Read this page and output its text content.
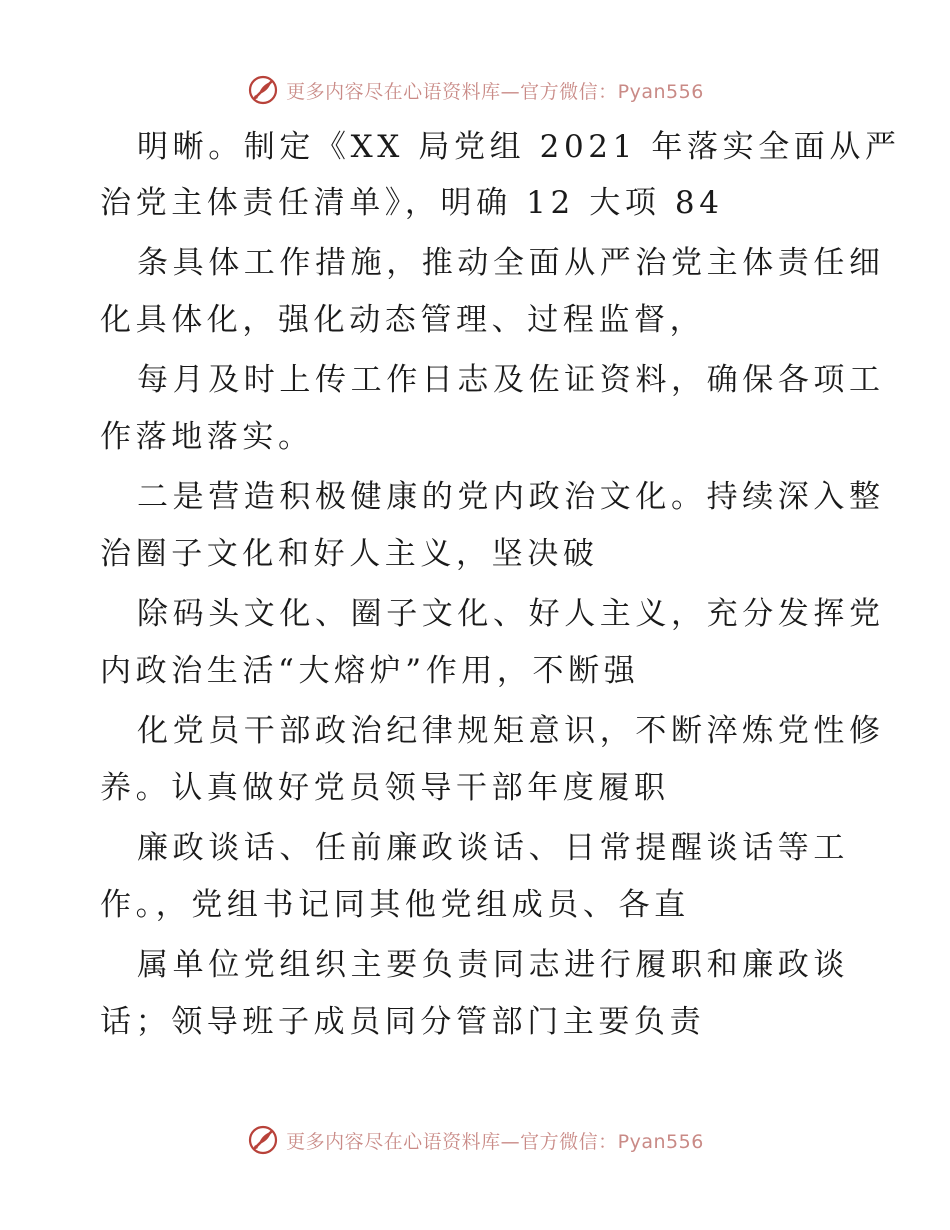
更多内容尽在心语资料库—官方微信：Pyan556
明晰。制定《XX 局党组 2021 年落实全面从严
治党主体责任清单》，明确 12 大项 84
条具体工作措施，推动全面从严治党主体责任细
化具体化，强化动态管理、过程监督，
每月及时上传工作日志及佐证资料，确保各项工
作落地落实。
二是营造积极健康的党内政治文化。持续深入整
治圈子文化和好人主义，坚决破
除码头文化、圈子文化、好人主义，充分发挥党
内政治生活“大熔炉”作用，不断强
化党员干部政治纪律规矩意识，不断淬炼党性修
养。认真做好党员领导干部年度履职
廉政谈话、任前廉政谈话、日常提醒谈话等工
作。，党组书记同其他党组成员、各直
属单位党组织主要负责同志进行履职和廉政谈
话；领导班子成员同分管部门主要负责
更多内容尽在心语资料库—官方微信：Pyan556
